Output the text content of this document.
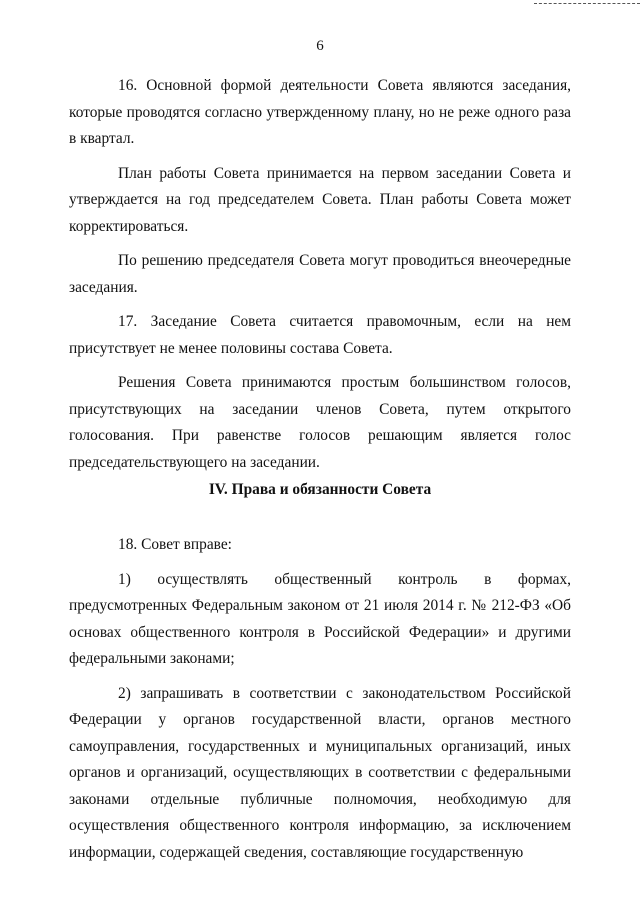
6

16. Основной формой деятельности Совета являются заседания, которые проводятся согласно утвержденному плану, но не реже одного раза в квартал.

План работы Совета принимается на первом заседании Совета и утверждается на год председателем Совета. План работы Совета может корректироваться.

По решению председателя Совета могут проводиться внеочередные заседания.

17. Заседание Совета считается правомочным, если на нем присутствует не менее половины состава Совета.

Решения Совета принимаются простым большинством голосов, присутствующих на заседании членов Совета, путем открытого голосования. При равенстве голосов решающим является голос председательствующего на заседании.

IV. Права и обязанности Совета

18. Совет вправе:

1) осуществлять общественный контроль в формах, предусмотренных Федеральным законом от 21 июля 2014 г. № 212-ФЗ «Об основах общественного контроля в Российской Федерации» и другими федеральными законами;

2) запрашивать в соответствии с законодательством Российской Федерации у органов государственной власти, органов местного самоуправления, государственных и муниципальных организаций, иных органов и организаций, осуществляющих в соответствии с федеральными законами отдельные публичные полномочия, необходимую для осуществления общественного контроля информацию, за исключением информации, содержащей сведения, составляющие государственную
